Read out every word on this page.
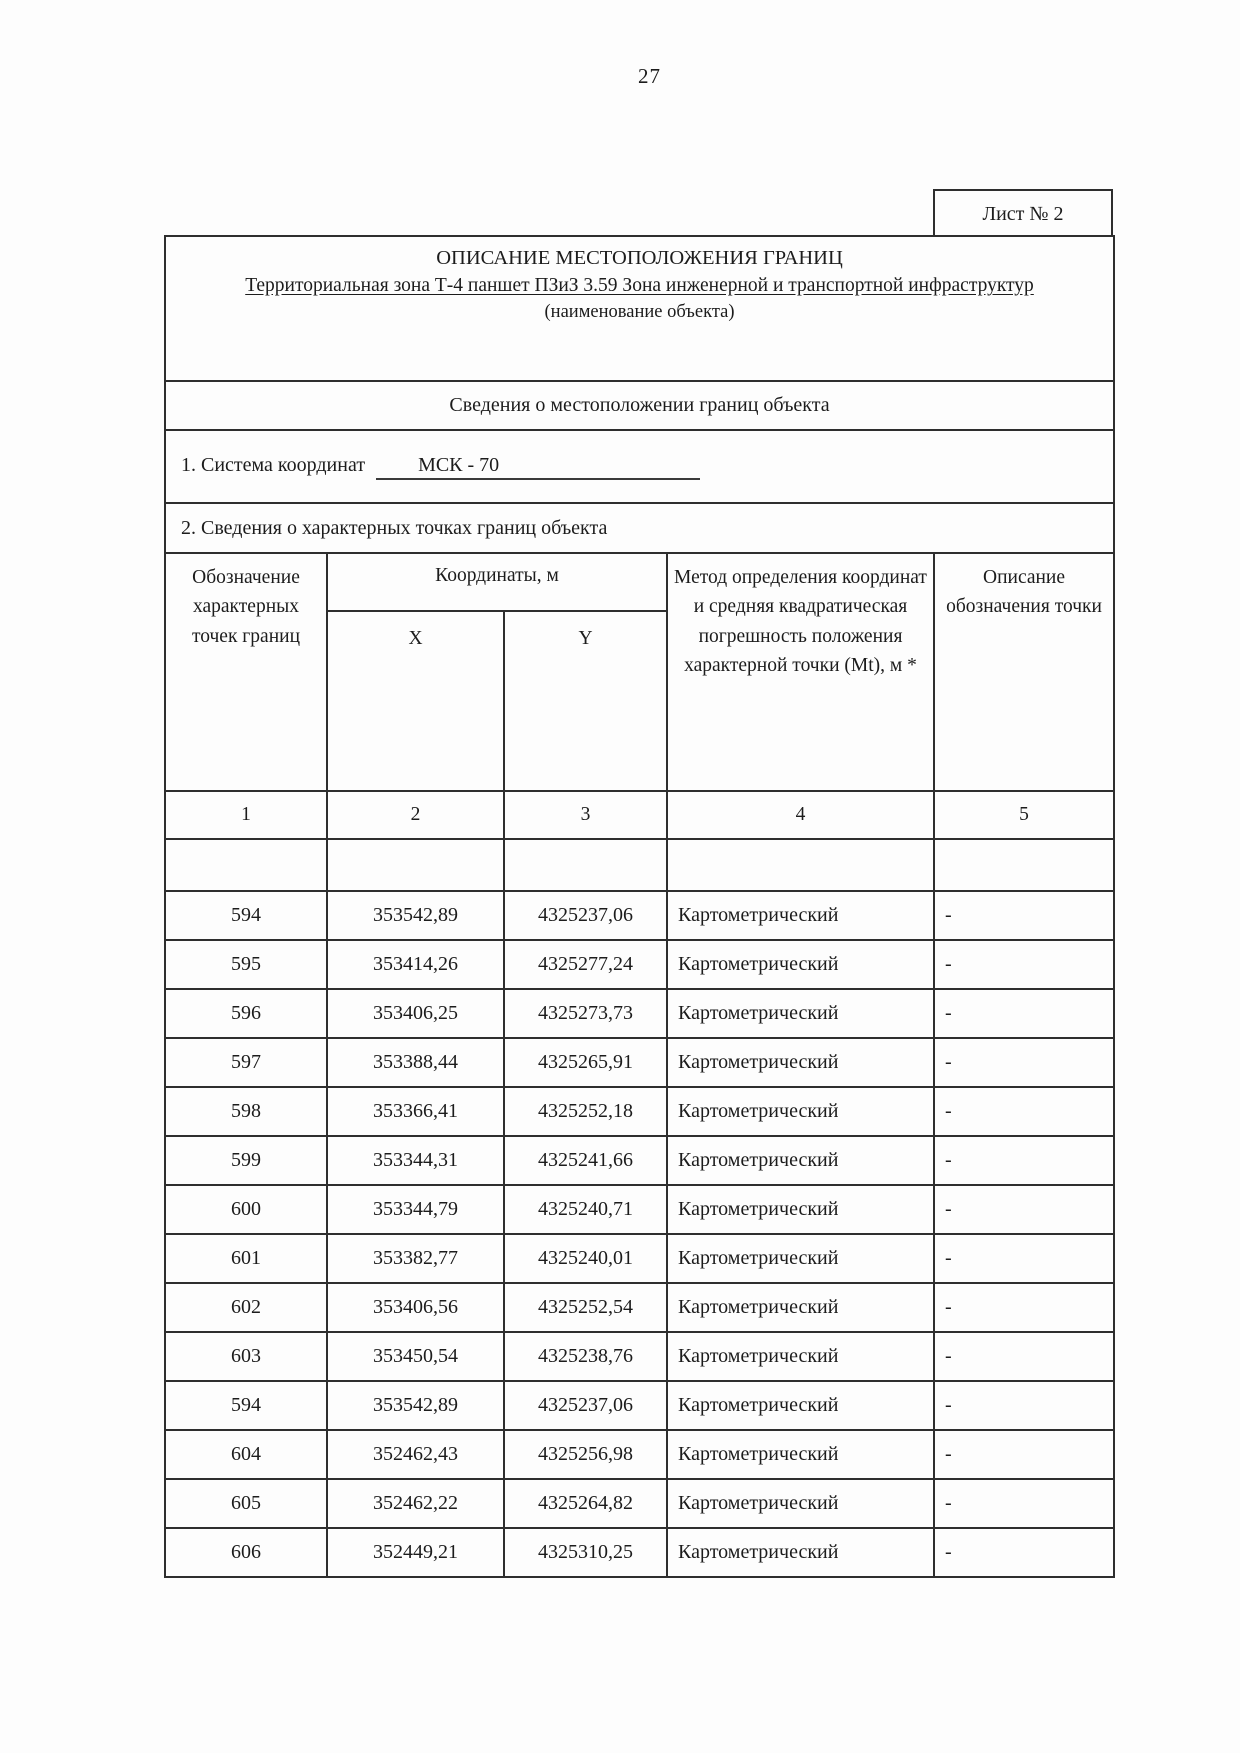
27
Лист № 2
ОПИСАНИЕ МЕСТОПОЛОЖЕНИЯ ГРАНИЦ
Территориальная зона Т-4 паншет ПЗиЗ 3.59 Зона инженерной и транспортной инфраструктур
(наименование объекта)				

Сведения о местоположении границ объекта				
1. Система координат МСК - 70				
2. Сведения о характерных точках границ объекта				
Обозначение характерных точек границ	Координаты, м		Метод определения координат и средняя квадратическая погрешность положения характерной точки (Mt), м *	Описание обозначения точки
	X	Y		
1	2	3	4	5

594	353542,89	4325237,06	Картометрический	-
595	353414,26	4325277,24	Картометрический	-
596	353406,25	4325273,73	Картометрический	-
597	353388,44	4325265,91	Картометрический	-
598	353366,41	4325252,18	Картометрический	-
599	353344,31	4325241,66	Картометрический	-
600	353344,79	4325240,71	Картометрический	-
601	353382,77	4325240,01	Картометрический	-
602	353406,56	4325252,54	Картометрический	-
603	353450,54	4325238,76	Картометрический	-
594	353542,89	4325237,06	Картометрический	-
604	352462,43	4325256,98	Картометрический	-
605	352462,22	4325264,82	Картометрический	-
606	352449,21	4325310,25	Картометрический	-
